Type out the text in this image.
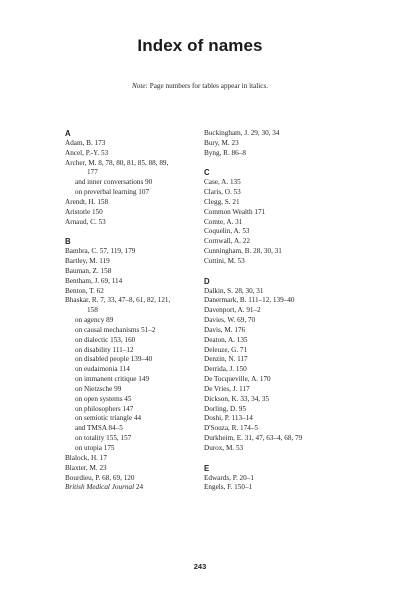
Index of names
Note: Page numbers for tables appear in italics.
A
Adam, B. 173
Ancel, P.-Y. 53
Archer, M. 8, 78, 80, 81, 85, 88, 89,
177
and inner conversations 90
on preverbal learning 107
Arendt, H. 158
Aristotle 150
Arnaud, C. 53
B
Bambra, C. 57, 119, 179
Bartley, M. 119
Bauman, Z. 158
Bentham, J. 69, 114
Benton, T. 62
Bhaskar, R. 7, 33, 47–8, 61, 82, 121,
158
on agency 89
on causal mechanisms 51–2
on dialectic 153, 160
on disability 111–12
on disabled people 139–40
on eudaimonia 114
on immanent critique 149
on Nietzsche 99
on open systems 45
on philosophers 147
on semiotic triangle 44
and TMSA 84–5
on totality 155, 157
on utopia 175
Blalock, H. 17
Blaxter, M. 23
Bourdieu, P. 68, 69, 120
British Medical Journal 24
Buckingham, J. 29, 30, 34
Bury, M. 23
Byng, R. 86–8
C
Case, A. 135
Claris, O. 53
Clegg, S. 21
Common Wealth 171
Comte, A. 31
Coquelin, A. 53
Cornwall, A. 22
Cunningham, B. 28, 30, 31
Cuttini, M. 53
D
Dalkin, S. 28, 30, 31
Danermark, B. 111–12, 139–40
Davenport, A. 91–2
Davies, W. 69, 70
Davis, M. 176
Deaton, A. 135
Deleuze, G. 71
Denzin, N. 117
Derrida, J. 150
De Tocqueville, A. 170
De Vries, J. 117
Dickson, K. 33, 34, 35
Dorling, D. 95
Doshi, P. 113–14
D'Souza, R. 174–5
Durkheim, E. 31, 47, 63–4, 68, 79
Durox, M. 53
E
Edwards, P. 20–1
Engels, F. 150–1
243
